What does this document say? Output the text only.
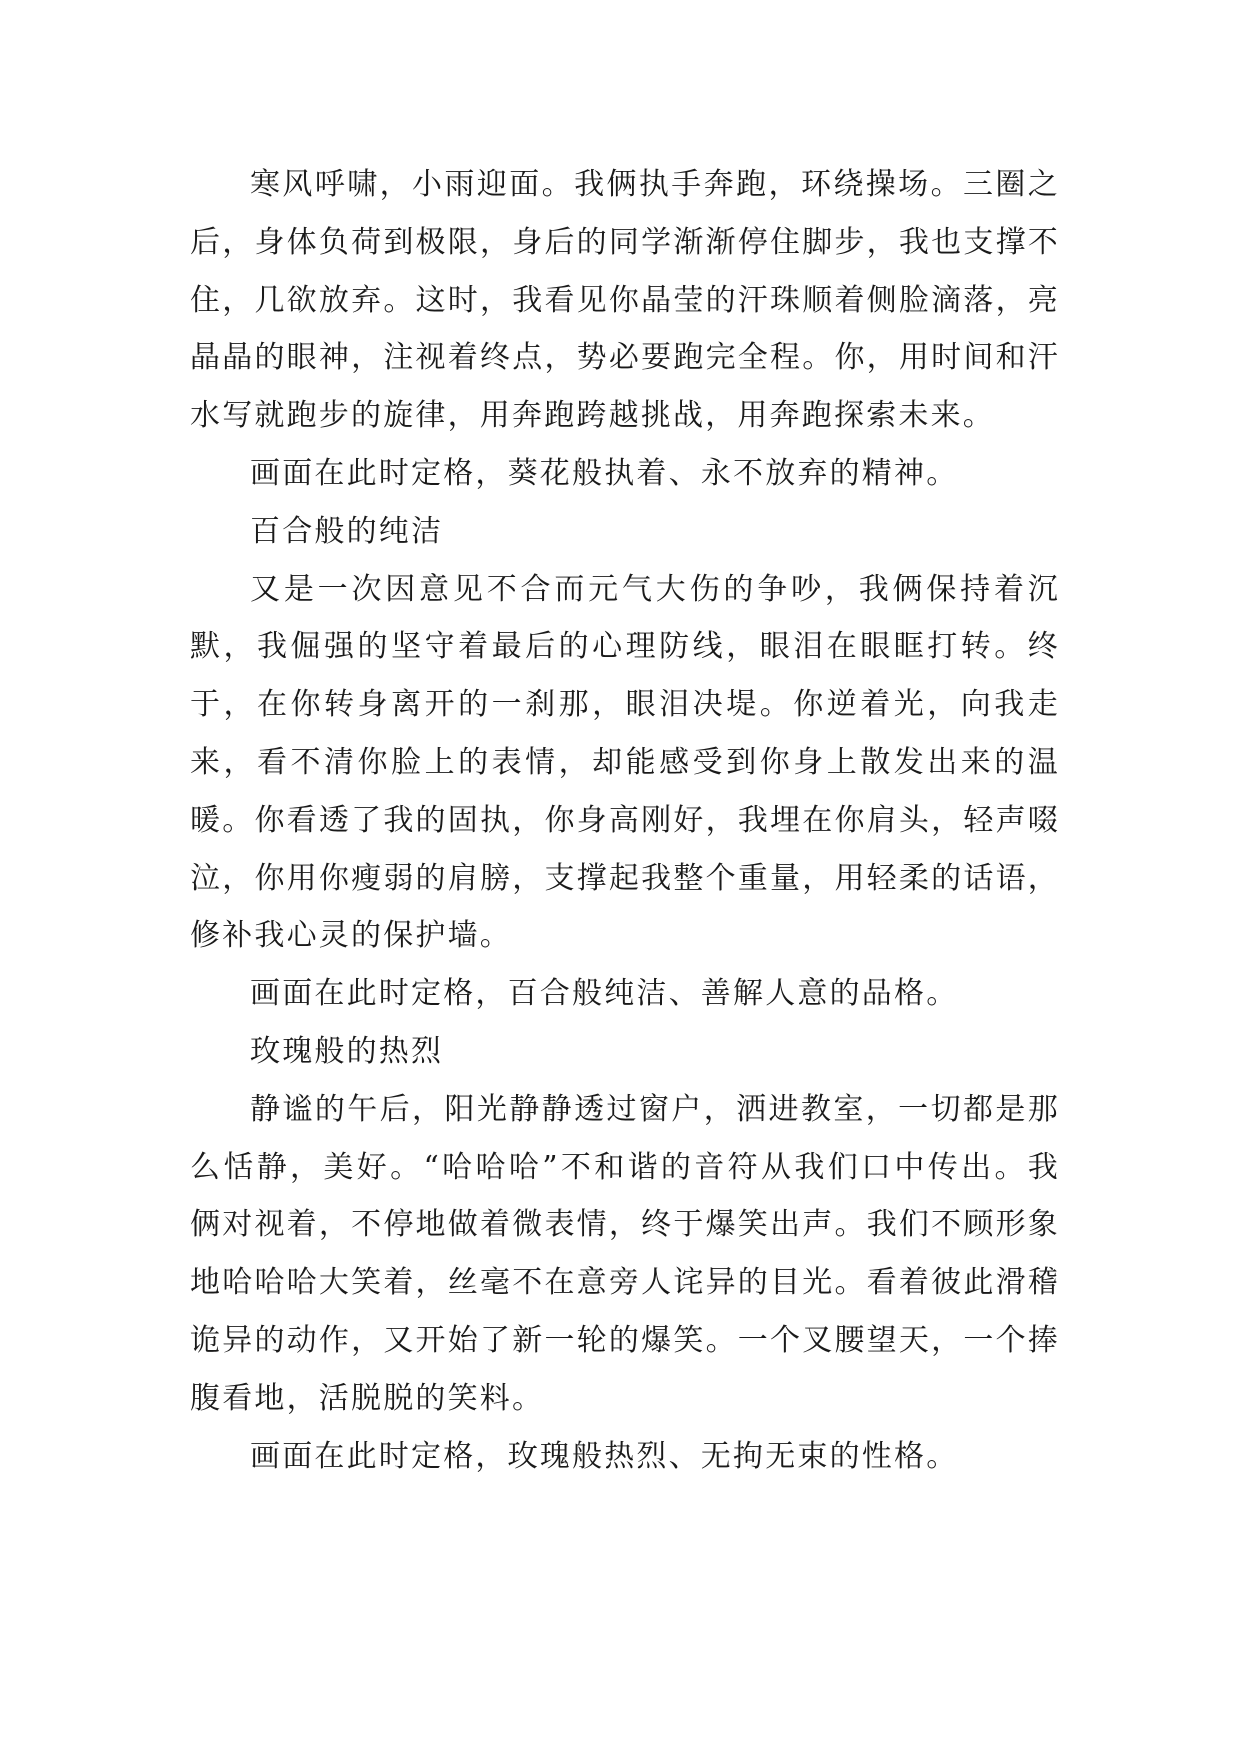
寒风呼啸，小雨迎面。我俩执手奔跑，环绕操场。三圈之后，身体负荷到极限，身后的同学渐渐停住脚步，我也支撑不住，几欲放弃。这时，我看见你晶莹的汗珠顺着侧脸滴落，亮晶晶的眼神，注视着终点，势必要跑完全程。你，用时间和汗水写就跑步的旋律，用奔跑跨越挑战，用奔跑探索未来。

画面在此时定格，葵花般执着、永不放弃的精神。

百合般的纯洁

又是一次因意见不合而元气大伤的争吵，我俩保持着沉默，我倔强的坚守着最后的心理防线，眼泪在眼眶打转。终于，在你转身离开的一刹那，眼泪决堤。你逆着光，向我走来，看不清你脸上的表情，却能感受到你身上散发出来的温暖。你看透了我的固执，你身高刚好，我埋在你肩头，轻声啜泣，你用你瘦弱的肩膀，支撑起我整个重量，用轻柔的话语，修补我心灵的保护墙。

画面在此时定格，百合般纯洁、善解人意的品格。

玫瑰般的热烈

静谧的午后，阳光静静透过窗户，洒进教室，一切都是那么恬静，美好。“哈哈哈”不和谐的音符从我们口中传出。我俩对视着，不停地做着微表情，终于爆笑出声。我们不顾形象地哈哈哈大笑着，丝毫不在意旁人诧异的目光。看着彼此滑稽诡异的动作，又开始了新一轮的爆笑。一个叉腰望天，一个捧腹看地，活脱脱的笑料。

画面在此时定格，玫瑰般热烈、无拘无束的性格。
